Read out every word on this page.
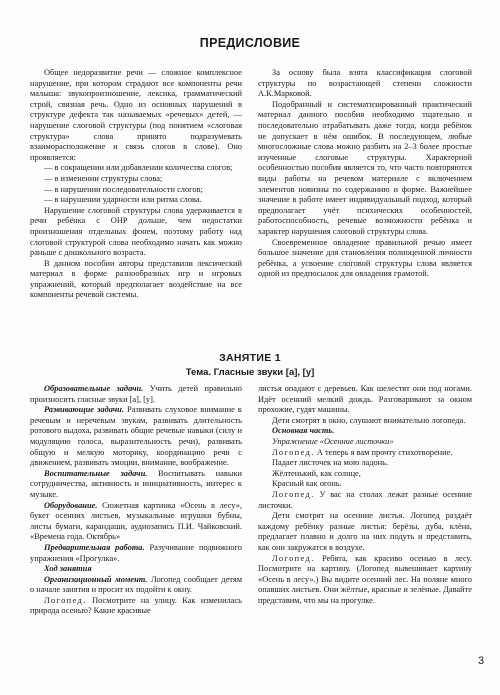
ПРЕДИСЛОВИЕ

Общее недоразвитие речи — сложное комплексное нарушение, при котором страдают все компоненты речи малыша: звукопроизношение, лексика, грамматический строй, связная речь. Одно из основных нарушений в структуре дефекта так называемых «речевых» детей, — нарушение слоговой структуры (под понятием «слоговая структура» слова принято подразумевать взаиморасположение и связь слогов в слове). Оно проявляется:

— в сокращении или добавлении количества слогов;

— в изменении структуры слова;

— в нарушении последовательности слогов;

— в нарушении ударности или ритма слова.

Нарушение слоговой структуры слова удерживается в речи ребёнка с ОНР дольше, чем недостатки произношения отдельных фонем, поэтому работу над слоговой структурой слова необходимо начать как можно раньше с дошкольного возраста.

В данном пособии авторы представили лексический материал в форме разнообразных игр и игровых упражнений, который предполагает воздействие на все компоненты речевой системы.

За основу была взята классификация слоговой структуры по возрастающей степени сложности А.К.Марковой.

Подобранный и систематизированный практический материал данного пособия необходимо тщательно и последовательно отрабатывать даже тогда, когда ребёнок не допускает в нём ошибок. В последующем, любые многосложные слова можно разбить на 2–3 более простые изученные слоговые структуры. Характерной особенностью пособия является то, что часто повторяются виды работы на речевом материале с включением элементов новизны по содержанию и форме. Важнейшее значение в работе имеет индивидуальный подход, который предполагает учёт психических особенностей, работоспособность, речевые возможности ребёнка и характер нарушения слоговой структуры слова.

Своевременное овладение правильной речью имеет большое значение для становления полноценной личности ребёнка, а усвоение слоговой структуры слова является одной из предпосылок для овладения грамотой.

ЗАНЯТИЕ 1
Тема. Гласные звуки [а], [у]

Образовательные задачи. Учить детей правильно произносить гласные звуки [а], [у].

Развивающие задачи. Развивать слуховое внимание к речевым и неречевым звукам, развивать длительность ротового выдоха, развивать общие речевые навыки (силу и модуляцию голоса, выразительность речи), развивать общую и мелкую моторику, координацию речи с движением, развивать эмоции, внимание, воображение.

Воспитательные задачи. Воспитывать навыки сотрудничества, активность и инициативность, интерес к музыке.

Оборудование. Сюжетная картинка «Осень в лесу», букет осенних листьев, музыкальные игрушки бубны, листы бумаги, карандаши, аудиозапись П.И. Чайковский. «Времена года. Октябрь»

Предварительная работа. Разучивание подвижного упражнения «Прогулка».

Ход занятия

Организационный момент. Логопед сообщает детям о начале занятия и просит их подойти к окну.

Логопед. Посмотрите на улицу. Как изменилась природа осенью? Какие красивые

листья опадают с деревьев. Как шелестят они под ногами. Идёт осенний мелкий дождь. Разговаривают за окном прохожие, гудят машины.

Дети смотрят в окно, слушают внимательно логопеда.

Основная часть.

Упражнение «Осенние листочки»

Логопед. А теперь я вам прочту стихотворение.

Падает листочек на мою ладонь.

Жёлтенький, как солнце,

Красный как огонь.

Логопед. У вас на столах лежат разные осенние листочки.

Дети смотрят на осенние листья. Логопед раздаёт каждому ребёнку разные листья: берёзы, дуба, клёна, предлагает плавно и долго на них подуть и представить, как они закружатся в воздухе.

Логопед. Ребята, как красиво осенью в лесу. Посмотрите на картину. (Логопед вывешивает картину «Осень в лесу».) Вы видите осенний лес. На поляне много опавших листьев. Они жёлтые, красные и зелёные. Давайте представим, что мы на прогулке.

3
